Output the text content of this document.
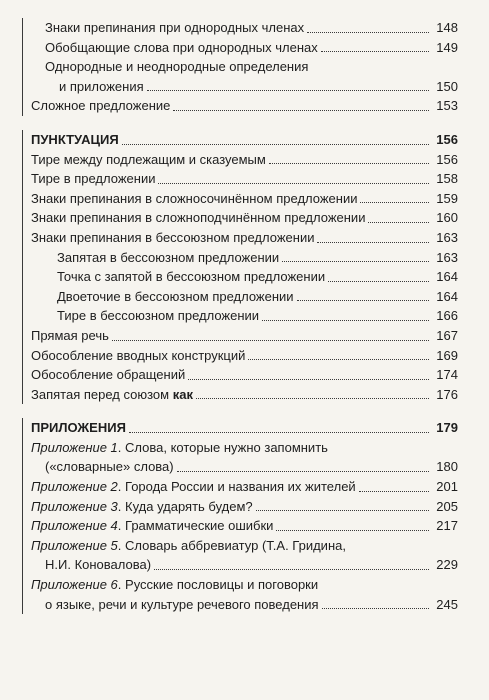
Знаки препинания при однородных членах	148
Обобщающие слова при однородных членах	149
Однородные и неоднородные определения
и приложения	150
Сложное предложение	153
ПУНКТУАЦИЯ	156
Тире между подлежащим и сказуемым	156
Тире в предложении	158
Знаки препинания в сложносочинённом предложении	159
Знаки препинания в сложноподчинённом предложении	160
Знаки препинания в бессоюзном предложении	163
Запятая в бессоюзном предложении	163
Точка с запятой в бессоюзном предложении	164
Двоеточие в бессоюзном предложении	164
Тире в бессоюзном предложении	166
Прямая речь	167
Обособление вводных конструкций	169
Обособление обращений	174
Запятая перед союзом как	176
ПРИЛОЖЕНИЯ	179
Приложение 1. Слова, которые нужно запомнить
(«словарные» слова)	180
Приложение 2. Города России и названия их жителей	201
Приложение 3. Куда ударять будем?	205
Приложение 4. Грамматические ошибки	217
Приложение 5. Словарь аббревиатур (Т.А. Гридина,
Н.И. Коновалова)	229
Приложение 6. Русские пословицы и поговорки
о языке, речи и культуре речевого поведения	245
